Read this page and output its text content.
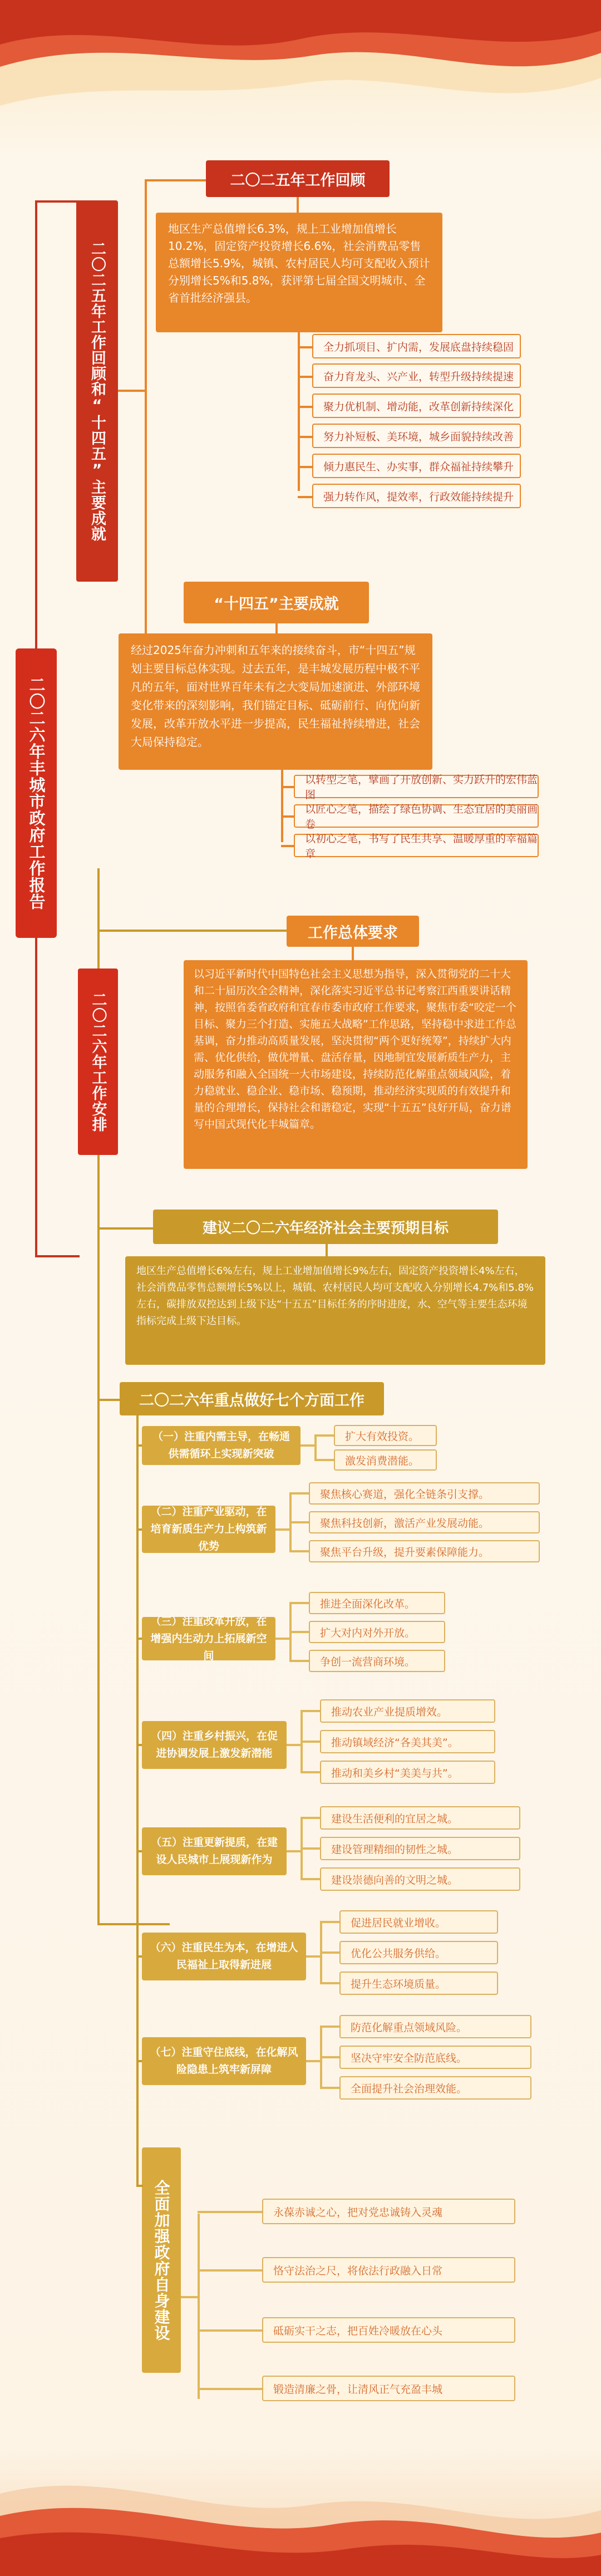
二〇二六年丰城市政府工作报告
二〇二五年工作回顾和“十四五”主要成就
二〇二五年工作回顾
地区生产总值增长6.3%，规上工业增加值增长10.2%，固定资产投资增长6.6%，社会消费品零售总额增长5.9%，城镇、农村居民人均可支配收入预计分别增长5%和5.8%，获评第七届全国文明城市、全省首批经济强县。
全力抓项目、扩内需，发展底盘持续稳固
奋力育龙头、兴产业，转型升级持续提速
聚力优机制、增动能，改革创新持续深化
努力补短板、美环境，城乡面貌持续改善
倾力惠民生、办实事，群众福祉持续攀升
强力转作风，提效率，行政效能持续提升
“十四五”主要成就
经过2025年奋力冲刺和五年来的接续奋斗，市“十四五”规划主要目标总体实现。过去五年，是丰城发展历程中极不平凡的五年，面对世界百年未有之大变局加速演进、外部环境变化带来的深刻影响，我们锚定目标、砥砺前行、向优向新发展，改革开放水平进一步提高，民生福祉持续增进，社会大局保持稳定。
以转型之笔，擘画了开放创新、实力跃升的宏伟蓝图
以匠心之笔，描绘了绿色协调、生态宜居的美丽画卷
以初心之笔，书写了民生共享、温暖厚重的幸福篇章
二〇二六年工作安排
工作总体要求
以习近平新时代中国特色社会主义思想为指导，深入贯彻党的二十大和二十届历次全会精神，深化落实习近平总书记考察江西重要讲话精神，按照省委省政府和宜春市委市政府工作要求，聚焦市委“咬定一个目标、聚力三个打造、实施五大战略”工作思路，坚持稳中求进工作总基调，奋力推动高质量发展，坚决贯彻“两个更好统筹”，持续扩大内需、优化供给，做优增量、盘活存量，因地制宜发展新质生产力，主动服务和融入全国统一大市场建设，持续防范化解重点领域风险，着力稳就业、稳企业、稳市场、稳预期，推动经济实现质的有效提升和量的合理增长，保持社会和谐稳定，实现“十五五”良好开局，奋力谱写中国式现代化丰城篇章。
建议二〇二六年经济社会主要预期目标
地区生产总值增长6%左右，规上工业增加值增长9%左右，固定资产投资增长4%左右，社会消费品零售总额增长5%以上，城镇、农村居民人均可支配收入分别增长4.7%和5.8%左右，碳排放双控达到上级下达“十五五”目标任务的序时进度，水、空气等主要生态环境指标完成上级下达目标。
二〇二六年重点做好七个方面工作
（一）注重内需主导，在畅通供需循环上实现新突破
扩大有效投资。
激发消费潜能。
（二）注重产业驱动，在培育新质生产力上构筑新优势
聚焦核心赛道，强化全链条引支撑。
聚焦科技创新，激活产业发展动能。
聚焦平台升级，提升要素保障能力。
（三）注重改革开放，在增强内生动力上拓展新空间
推进全面深化改革。
扩大对内对外开放。
争创一流营商环境。
（四）注重乡村振兴，在促进协调发展上激发新潜能
推动农业产业提质增效。
推动镇域经济“各美其美”。
推动和美乡村“美美与共”。
（五）注重更新提质，在建设人民城市上展现新作为
建设生活便利的宜居之城。
建设管理精细的韧性之城。
建设崇德向善的文明之城。
（六）注重民生为本，在增进人民福祉上取得新进展
促进居民就业增收。
优化公共服务供给。
提升生态环境质量。
（七）注重守住底线，在化解风险隐患上筑牢新屏障
防范化解重点领域风险。
坚决守牢安全防范底线。
全面提升社会治理效能。
全面加强政府自身建设	永葆赤诚之心，把对党忠诚铸入灵魂
恪守法治之尺，将依法行政融入日常
砥砺实干之志，把百姓冷暖放在心头
锻造清廉之骨，让清风正气充盈丰城
